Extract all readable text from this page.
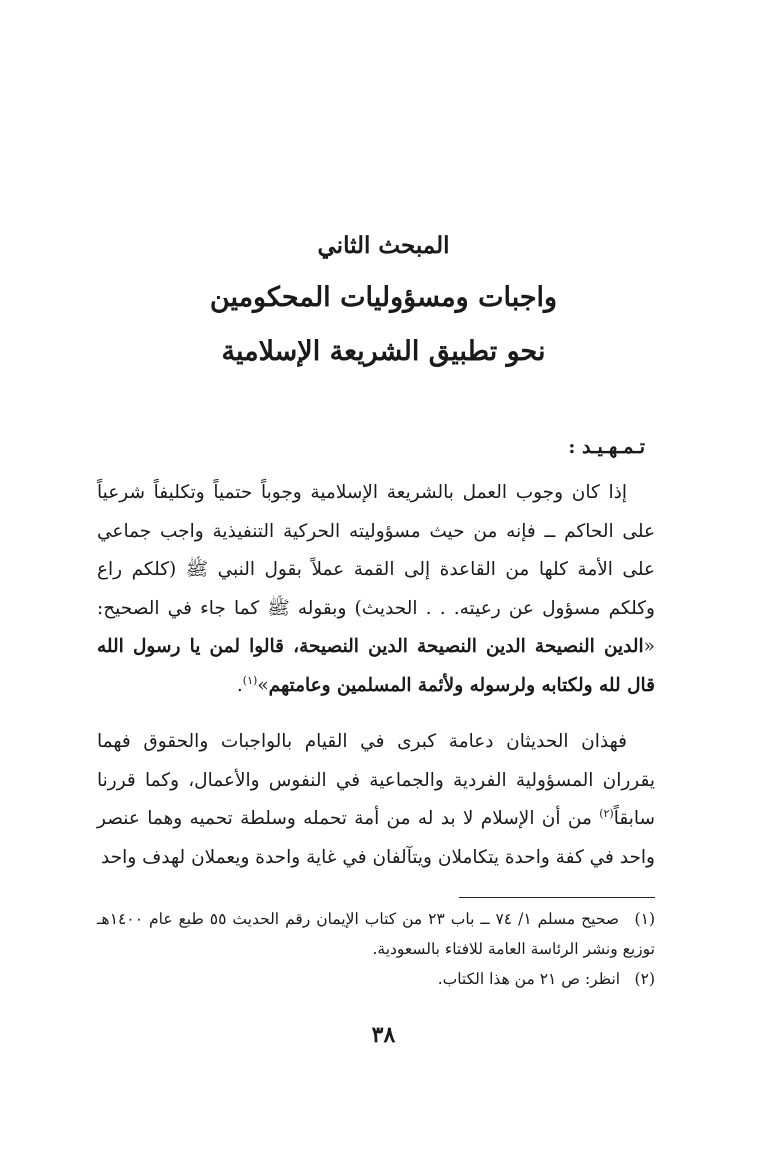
المبحث الثاني
واجبات ومسؤوليات المحكومين
نحو تطبيق الشريعة الإسلامية
تـمـهـيـد :
إذا كان وجوب العمل بالشريعة الإسلامية وجوباً حتمياً وتكليفاً شرعياً على الحاكم ــ فإنه من حيث مسؤوليته الحركية التنفيذية واجب جماعي على الأمة كلها من القاعدة إلى القمة عملاً بقول النبي ﷺ (كلكم راع وكلكم مسؤول عن رعيته. . . الحديث) وبقوله ﷺ كما جاء في الصحيح: «الدين النصيحة الدين النصيحة الدين النصيحة، قالوا لمن يا رسول الله قال لله ولكتابه ولرسوله ولأئمة المسلمين وعامتهم»$^{(١)}$.
فهذان الحديثان دعامة كبرى في القيام بالواجبات والحقوق فهما يقرران المسؤولية الفردية والجماعية في النفوس والأعمال، وكما قررنا سابقاً$^{(٢)}$ من أن الإسلام لا بد له من أمة تحمله وسلطة تحميه وهما عنصر واحد في كفة واحدة يتكاملان ويتآلفان في غاية واحدة ويعملان لهدف واحد
(١) صحيح مسلم ١/ ٧٤ ــ باب ٢٣ من كتاب الإيمان رقم الحديث ٥٥ طبع عام ١٤٠٠هـ توزيع ونشر الرئاسة العامة للافتاء بالسعودية.
(٢) انظر: ص ٢١ من هذا الكتاب.
٣٨
